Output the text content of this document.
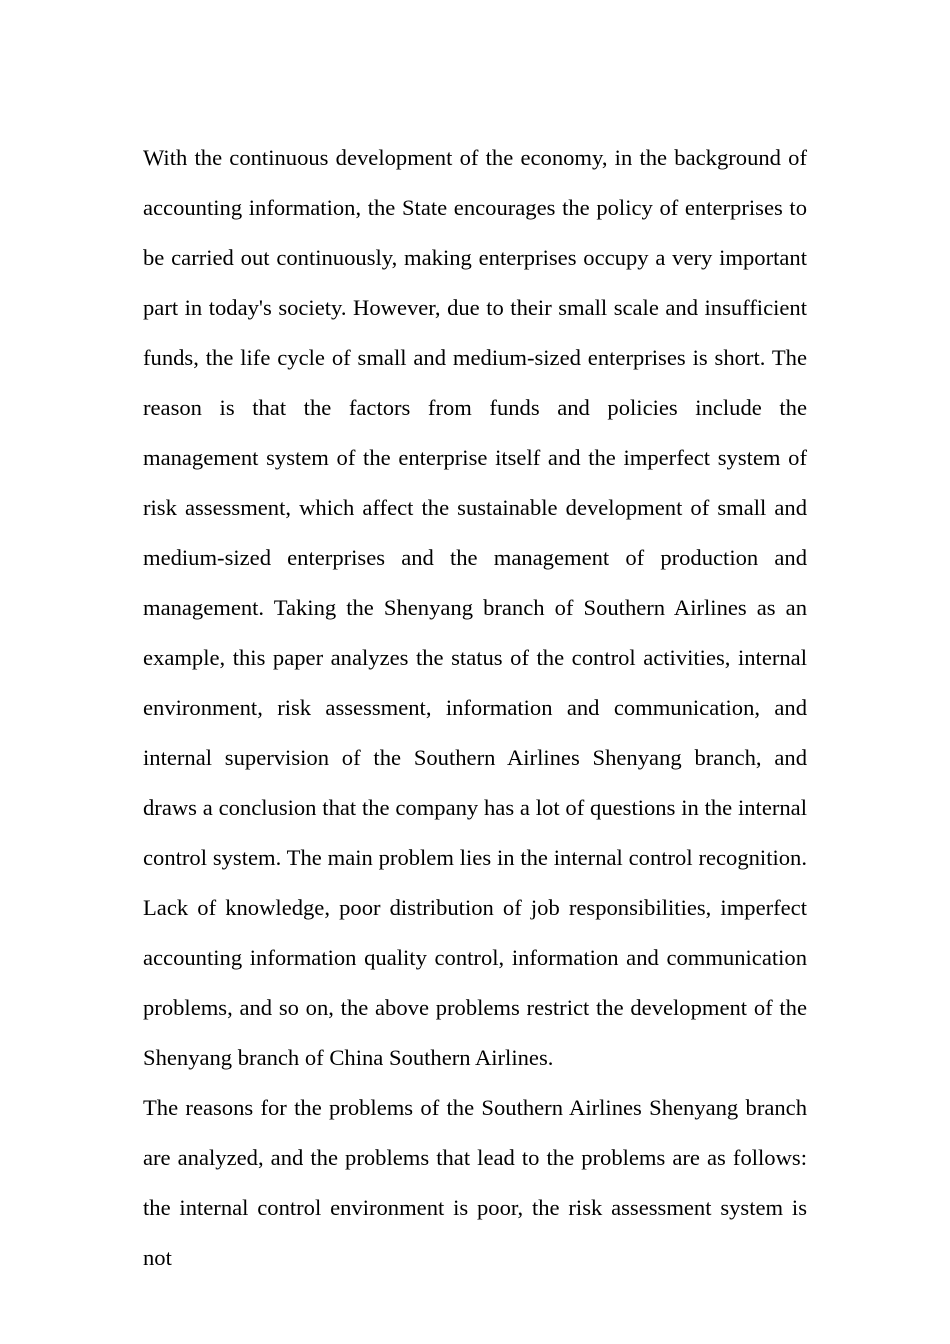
With the continuous development of the economy, in the background of accounting information, the State encourages the policy of enterprises to be carried out continuously, making enterprises occupy a very important part in today's society. However, due to their small scale and insufficient funds, the life cycle of small and medium-sized enterprises is short. The reason is that the factors from funds and policies include the management system of the enterprise itself and the imperfect system of risk assessment, which affect the sustainable development of small and medium-sized enterprises and the management of production and management. Taking the Shenyang branch of Southern Airlines as an example, this paper analyzes the status of the control activities, internal environment, risk assessment, information and communication, and internal supervision of the Southern Airlines Shenyang branch, and draws a conclusion that the company has a lot of questions in the internal control system. The main problem lies in the internal control recognition. Lack of knowledge, poor distribution of job responsibilities, imperfect accounting information quality control, information and communication problems, and so on, the above problems restrict the development of the Shenyang branch of China Southern Airlines.

The reasons for the problems of the Southern Airlines Shenyang branch are analyzed, and the problems that lead to the problems are as follows: the internal control environment is poor, the risk assessment system is not
